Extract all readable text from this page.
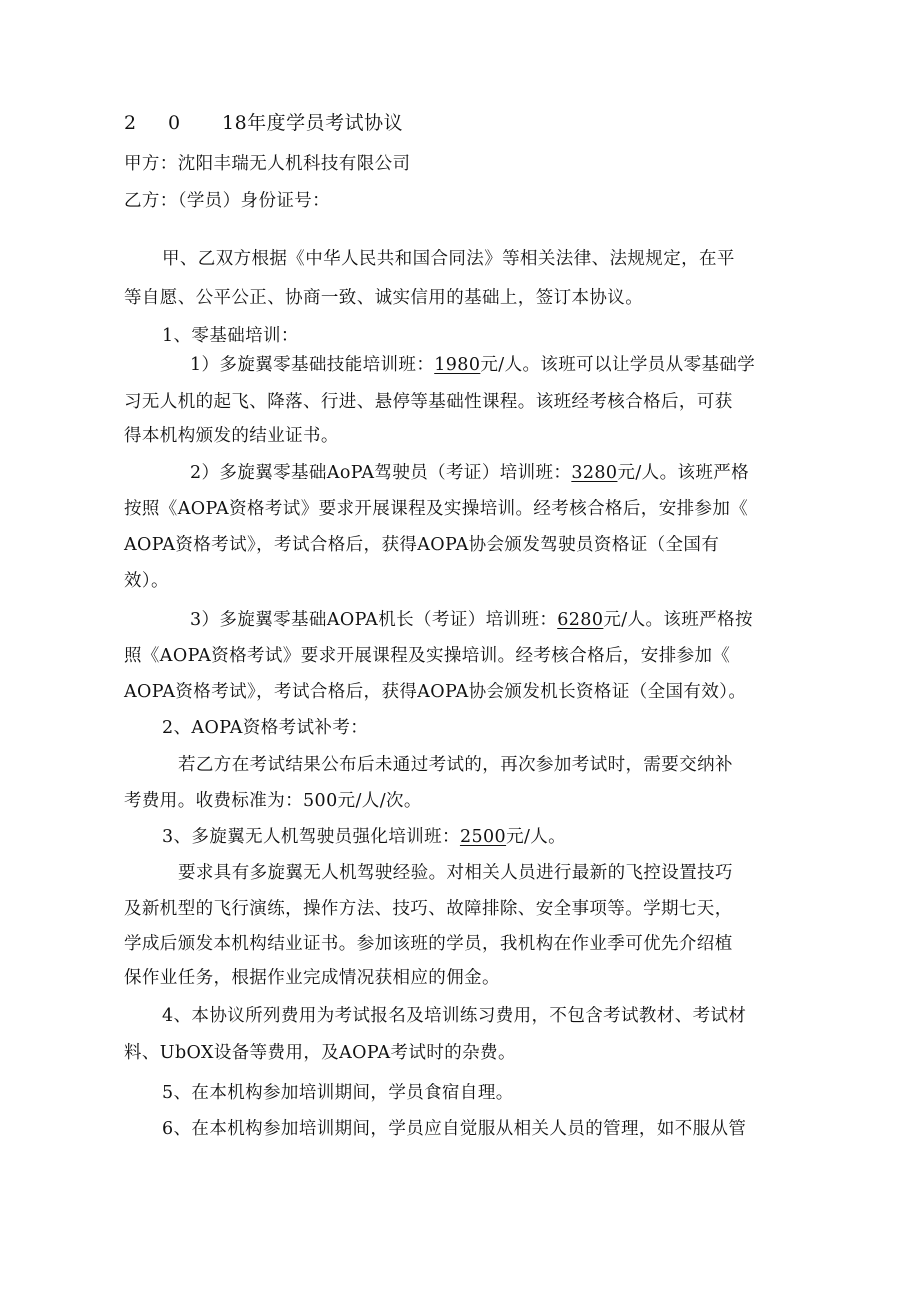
2 0 18年度学员考试协议
甲方：沈阳丰瑞无人机科技有限公司
乙方：（学员）身份证号：
甲、乙双方根据《中华人民共和国合同法》等相关法律、法规规定，在平
等自愿、公平公正、协商一致、诚实信用的基础上，签订本协议。
1、零基础培训：
1）多旋翼零基础技能培训班：1980元/人。该班可以让学员从零基础学
习无人机的起飞、降落、行进、悬停等基础性课程。该班经考核合格后，可获
得本机构颁发的结业证书。
2）多旋翼零基础AoPA驾驶员（考证）培训班：3280元/人。该班严格
按照《AOPA资格考试》要求开展课程及实操培训。经考核合格后，安排参加《
AOPA资格考试》，考试合格后，获得AOPA协会颁发驾驶员资格证（全国有
效）。
3）多旋翼零基础AOPA机长（考证）培训班：6280元/人。该班严格按
照《AOPA资格考试》要求开展课程及实操培训。经考核合格后，安排参加《
AOPA资格考试》，考试合格后，获得AOPA协会颁发机长资格证（全国有效）。
2、AOPA资格考试补考：
若乙方在考试结果公布后未通过考试的，再次参加考试时，需要交纳补
考费用。收费标准为：500元/人/次。
3、多旋翼无人机驾驶员强化培训班：2500元/人。
要求具有多旋翼无人机驾驶经验。对相关人员进行最新的飞控设置技巧
及新机型的飞行演练，操作方法、技巧、故障排除、安全事项等。学期七天，
学成后颁发本机构结业证书。参加该班的学员，我机构在作业季可优先介绍植
保作业任务，根据作业完成情况获相应的佣金。
4、本协议所列费用为考试报名及培训练习费用，不包含考试教材、考试材
料、UbOX设备等费用，及AOPA考试时的杂费。
5、在本机构参加培训期间，学员食宿自理。
6、在本机构参加培训期间，学员应自觉服从相关人员的管理，如不服从管
